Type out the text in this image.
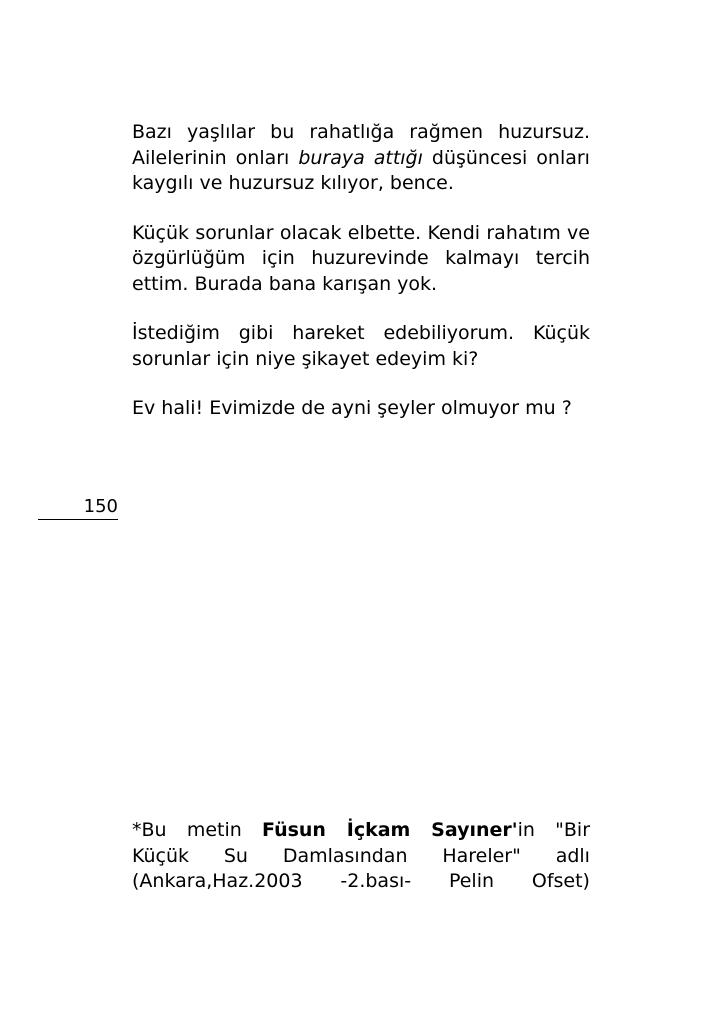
Bazı yaşlılar bu rahatlığa rağmen huzursuz. Ailelerinin onları buraya attığı düşüncesi onları kaygılı ve huzursuz kılıyor, bence.

Küçük sorunlar olacak elbette. Kendi rahatım ve özgürlüğüm için huzurevinde kalmayı tercih ettim. Burada bana karışan yok.

İstediğim gibi hareket edebiliyorum. Küçük sorunlar için niye şikayet edeyim ki?

Ev hali! Evimizde de ayni şeyler olmuyor mu ?

150
*Bu metin Füsun İçkam Sayıner'in "Bir
Küçük Su Damlasından Hareler" adlı
(Ankara,Haz.2003 -2.bası- Pelin Ofset)
